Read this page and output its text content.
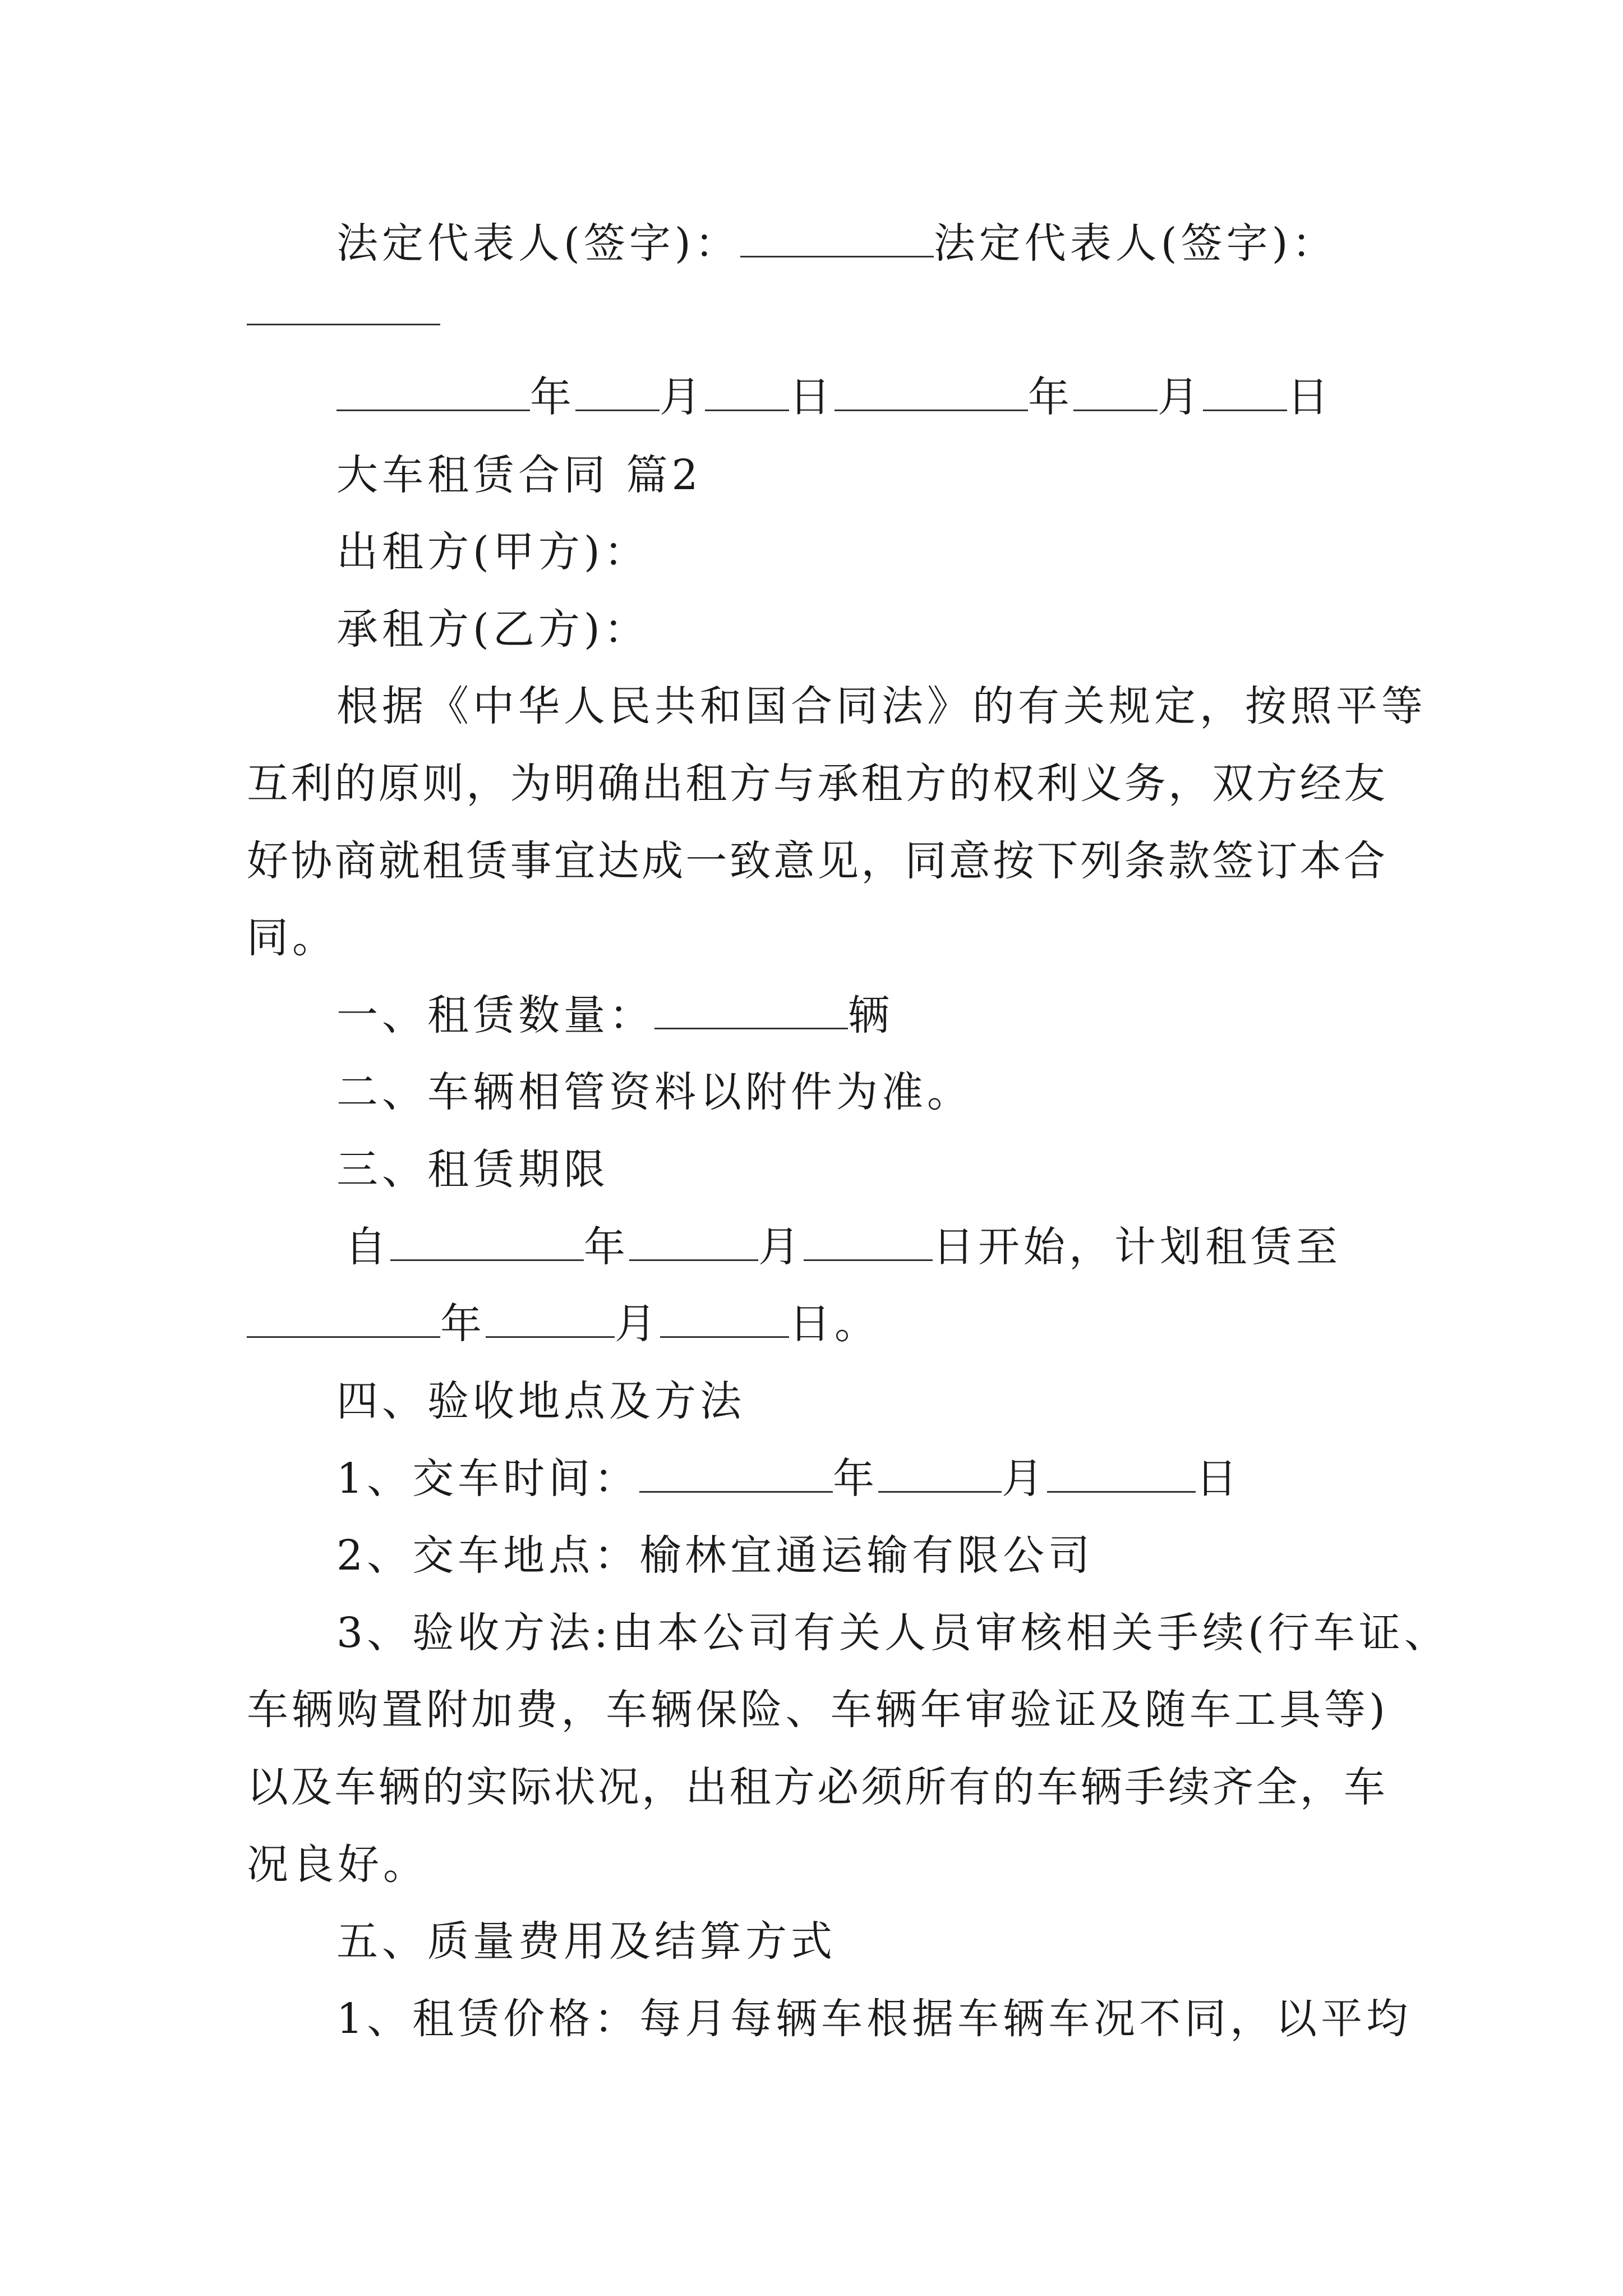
法定代表人(签字)：	法定代表人(签字)：
年 月 日	年 月 日
大车租赁合同 篇2
出租方(甲方)：
承租方(乙方)：
根据《中华人民共和国合同法》的有关规定，按照平等
互利的原则，为明确出租方与承租方的权利义务，双方经友
好协商就租赁事宜达成一致意见，同意按下列条款签订本合
同。
一、租赁数量：	辆
二、车辆相管资料以附件为准。
三、租赁期限
自	年	月	日开始，计划租赁至
年	月	日。
四、验收地点及方法
1、交车时间：	年	月	日
2、交车地点：榆林宜通运输有限公司
3、验收方法:由本公司有关人员审核相关手续(行车证、
车辆购置附加费，车辆保险、车辆年审验证及随车工具等)
以及车辆的实际状况，出租方必须所有的车辆手续齐全，车
况良好。
五、质量费用及结算方式
1、租赁价格：每月每辆车根据车辆车况不同，以平均
